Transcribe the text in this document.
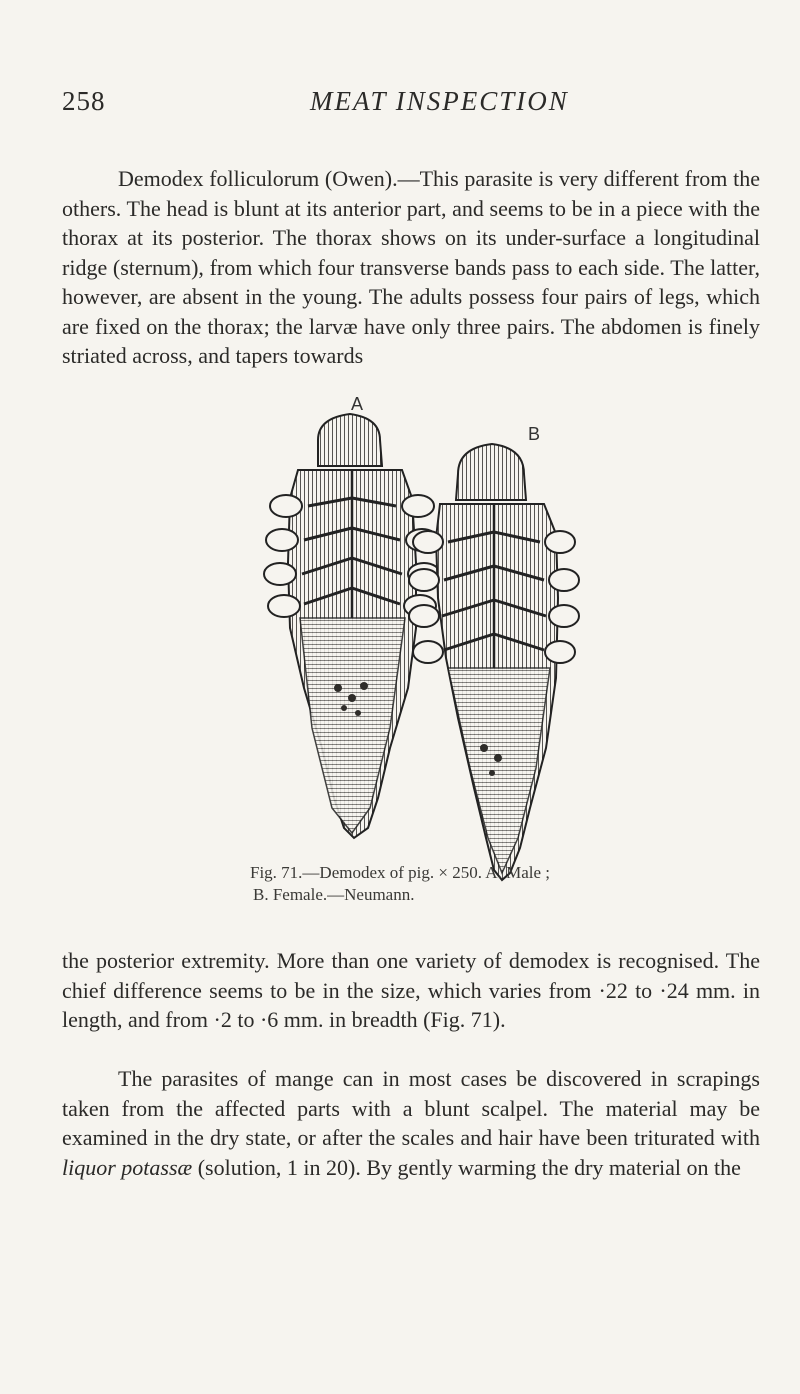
258	MEAT INSPECTION

Demodex folliculorum (Owen).—This parasite is very different from the others. The head is blunt at its anterior part, and seems to be in a piece with the thorax at its posterior. The thorax shows on its under-surface a longitudinal ridge (sternum), from which four transverse bands pass to each side. The latter, however, are absent in the young. The adults possess four pairs of legs, which are fixed on the thorax; the larvæ have only three pairs. The abdomen is finely striated across, and tapers towards

A
B
Fig. 71.—Demodex of pig. × 250. A. Male ;
B. Female.—Neumann.

the posterior extremity. More than one variety of demodex is recognised. The chief difference seems to be in the size, which varies from ·22 to ·24 mm. in length, and from ·2 to ·6 mm. in breadth (Fig. 71).

The parasites of mange can in most cases be discovered in scrapings taken from the affected parts with a blunt scalpel. The material may be examined in the dry state, or after the scales and hair have been triturated with liquor potassæ (solution, 1 in 20). By gently warming the dry material on the
